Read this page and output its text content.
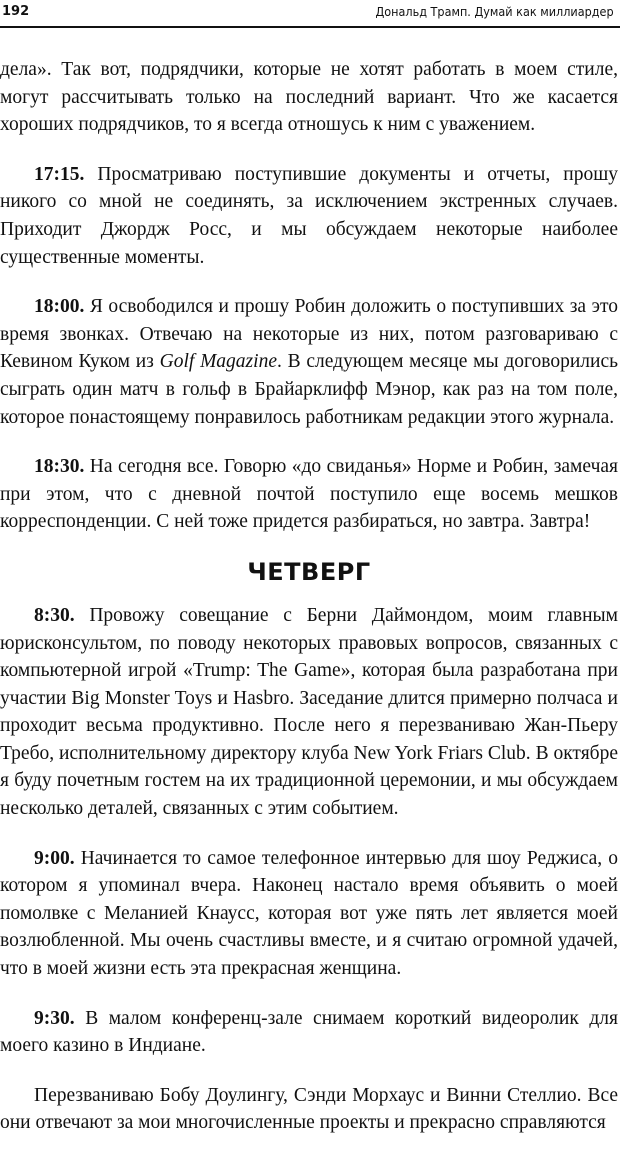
192	Дональд Трамп. Думай как миллиардер

дела». Так вот, подрядчики, которые не хотят работать в моем стиле, могут рассчитывать только на последний вариант. Что же касается хороших подрядчиков, то я всегда отношусь к ним с уважением.

17:15. Просматриваю поступившие документы и отчеты, прошу никого со мной не соединять, за исключением экстренных случаев. Приходит Джордж Росс, и мы обсуждаем некоторые наиболее существенные моменты.

18:00. Я освободился и прошу Робин доложить о поступивших за это время звонках. Отвечаю на некоторые из них, потом разговариваю с Кевином Куком из Golf Magazine. В следующем месяце мы договорились сыграть один матч в гольф в Брайарклифф Мэнор, как раз на том поле, которое понастоящему понравилось работникам редакции этого журнала.

18:30. На сегодня все. Говорю «до свиданья» Норме и Робин, замечая при этом, что с дневной почтой поступило еще восемь мешков корреспонденции. С ней тоже придется разбираться, но завтра. Завтра!

ЧЕТВЕРГ

8:30. Провожу совещание с Берни Даймондом, моим главным юрисконсультом, по поводу некоторых правовых вопросов, связанных с компьютерной игрой «Trump: The Game», которая была разработана при участии Big Monster Toys и Hasbro. Заседание длится примерно полчаса и проходит весьма продуктивно. После него я перезваниваю Жан-Пьеру Требо, исполнительному директору клуба New York Friars Club. В октябре я буду почетным гостем на их традиционной церемонии, и мы обсуждаем несколько деталей, связанных с этим событием.

9:00. Начинается то самое телефонное интервью для шоу Реджиса, о котором я упоминал вчера. Наконец настало время объявить о моей помолвке с Меланией Кнаусс, которая вот уже пять лет является моей возлюбленной. Мы очень счастливы вместе, и я считаю огромной удачей, что в моей жизни есть эта прекрасная женщина.

9:30. В малом конференц-зале снимаем короткий видеоролик для моего казино в Индиане.

Перезваниваю Бобу Доулингу, Сэнди Морхаус и Винни Стеллио. Все они отвечают за мои многочисленные проекты и прекрасно справляются
